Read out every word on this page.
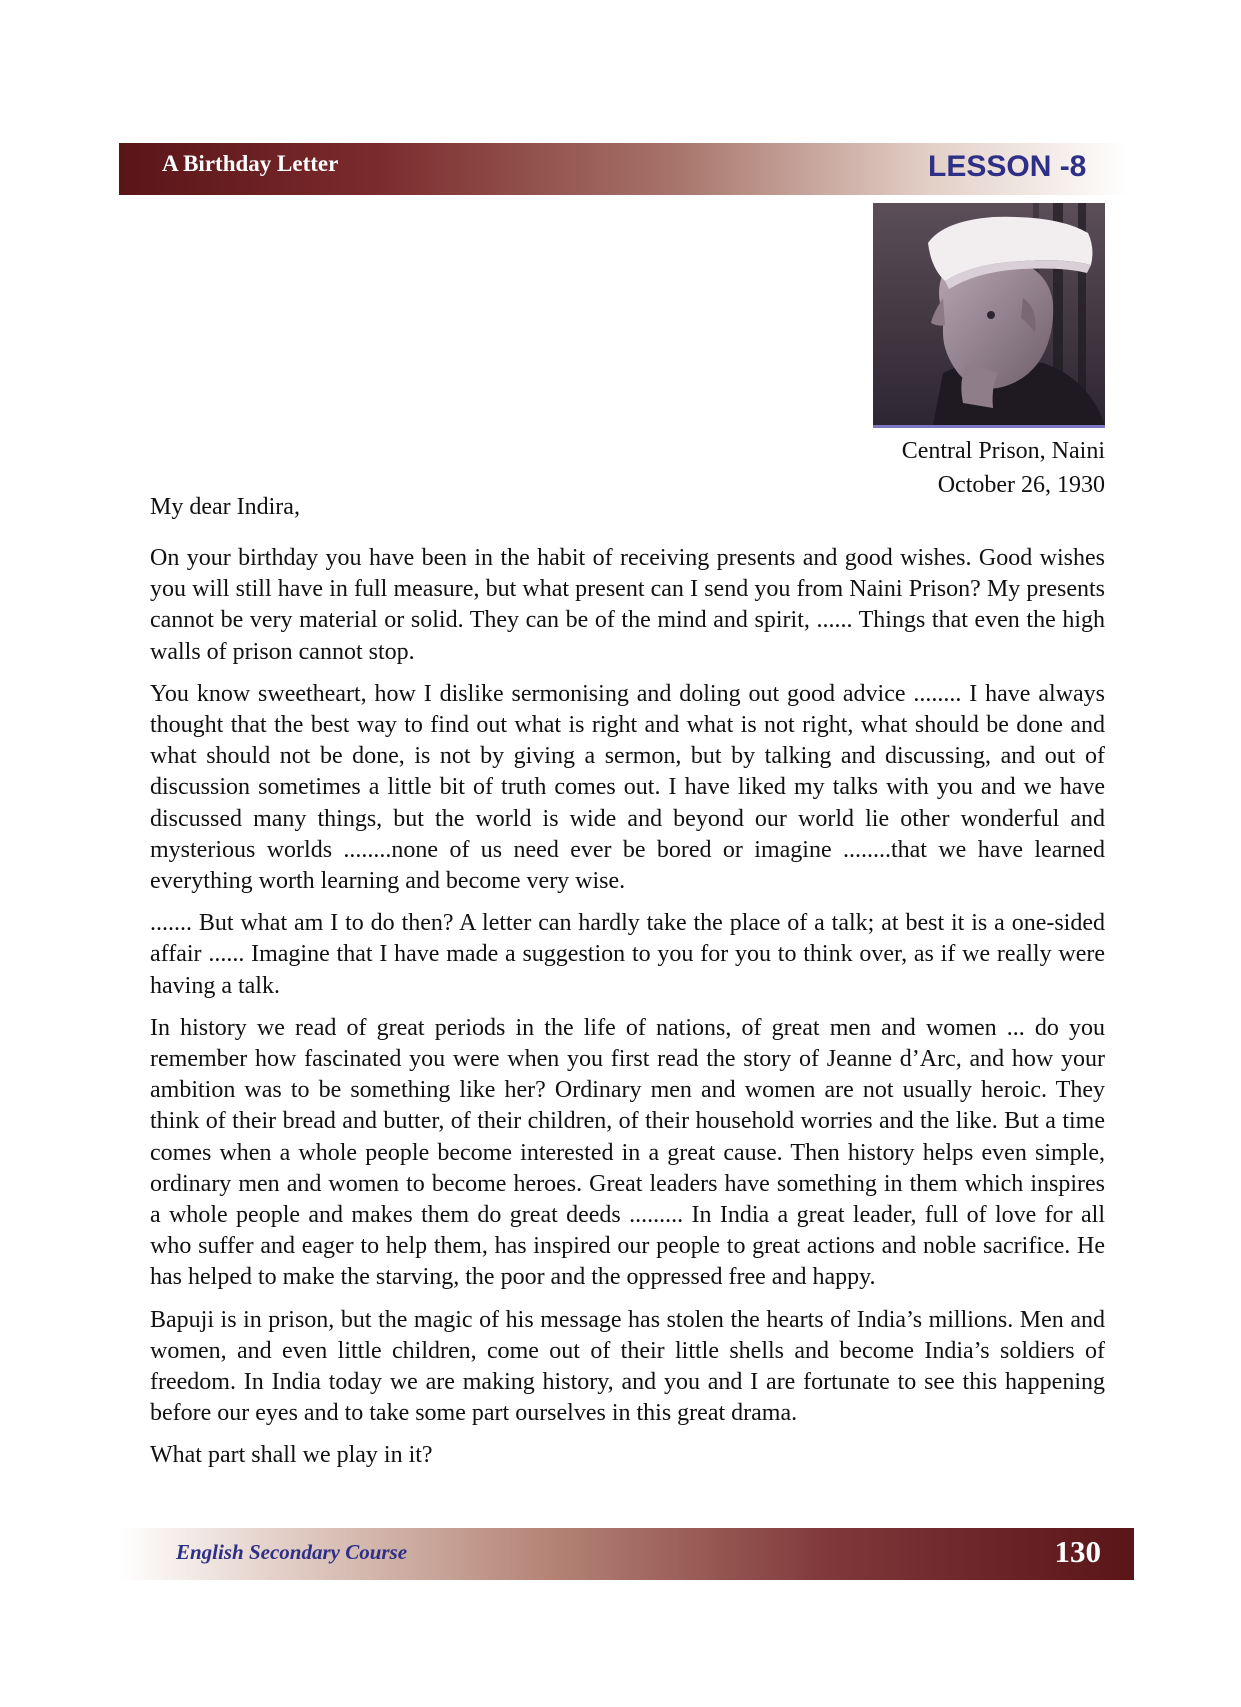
A Birthday Letter	LESSON -8
Central Prison, Naini
October 26, 1930
My dear Indira,

On your birthday you have been in the habit of receiving presents and good wishes. Good wishes you will still have in full measure, but what present can I send you from Naini Prison? My presents cannot be very material or solid. They can be of the mind and spirit, ...... Things that even the high walls of prison cannot stop.

You know sweetheart, how I dislike sermonising and doling out good advice ........ I have always thought that the best way to find out what is right and what is not right, what should be done and what should not be done, is not by giving a sermon, but by talking and discussing, and out of discussion sometimes a little bit of truth comes out. I have liked my talks with you and we have discussed many things, but the world is wide and beyond our world lie other wonderful and mysterious worlds ........none of us need ever be bored or imagine ........that we have learned everything worth learning and become very wise.

....... But what am I to do then? A letter can hardly take the place of a talk; at best it is a one-sided affair ...... Imagine that I have made a suggestion to you for you to think over, as if we really were having a talk.

In history we read of great periods in the life of nations, of great men and women ... do you remember how fascinated you were when you first read the story of Jeanne d’Arc, and how your ambition was to be something like her? Ordinary men and women are not usually heroic. They think of their bread and butter, of their children, of their household worries and the like. But a time comes when a whole people become interested in a great cause. Then history helps even simple, ordinary men and women to become heroes. Great leaders have something in them which inspires a whole people and makes them do great deeds ......... In India a great leader, full of love for all who suffer and eager to help them, has inspired our people to great actions and noble sacrifice. He has helped to make the starving, the poor and the oppressed free and happy.

Bapuji is in prison, but the magic of his message has stolen the hearts of India’s millions. Men and women, and even little children, come out of their little shells and become India’s soldiers of freedom. In India today we are making history, and you and I are fortunate to see this happening before our eyes and to take some part ourselves in this great drama.

What part shall we play in it?

English Secondary Course	130
